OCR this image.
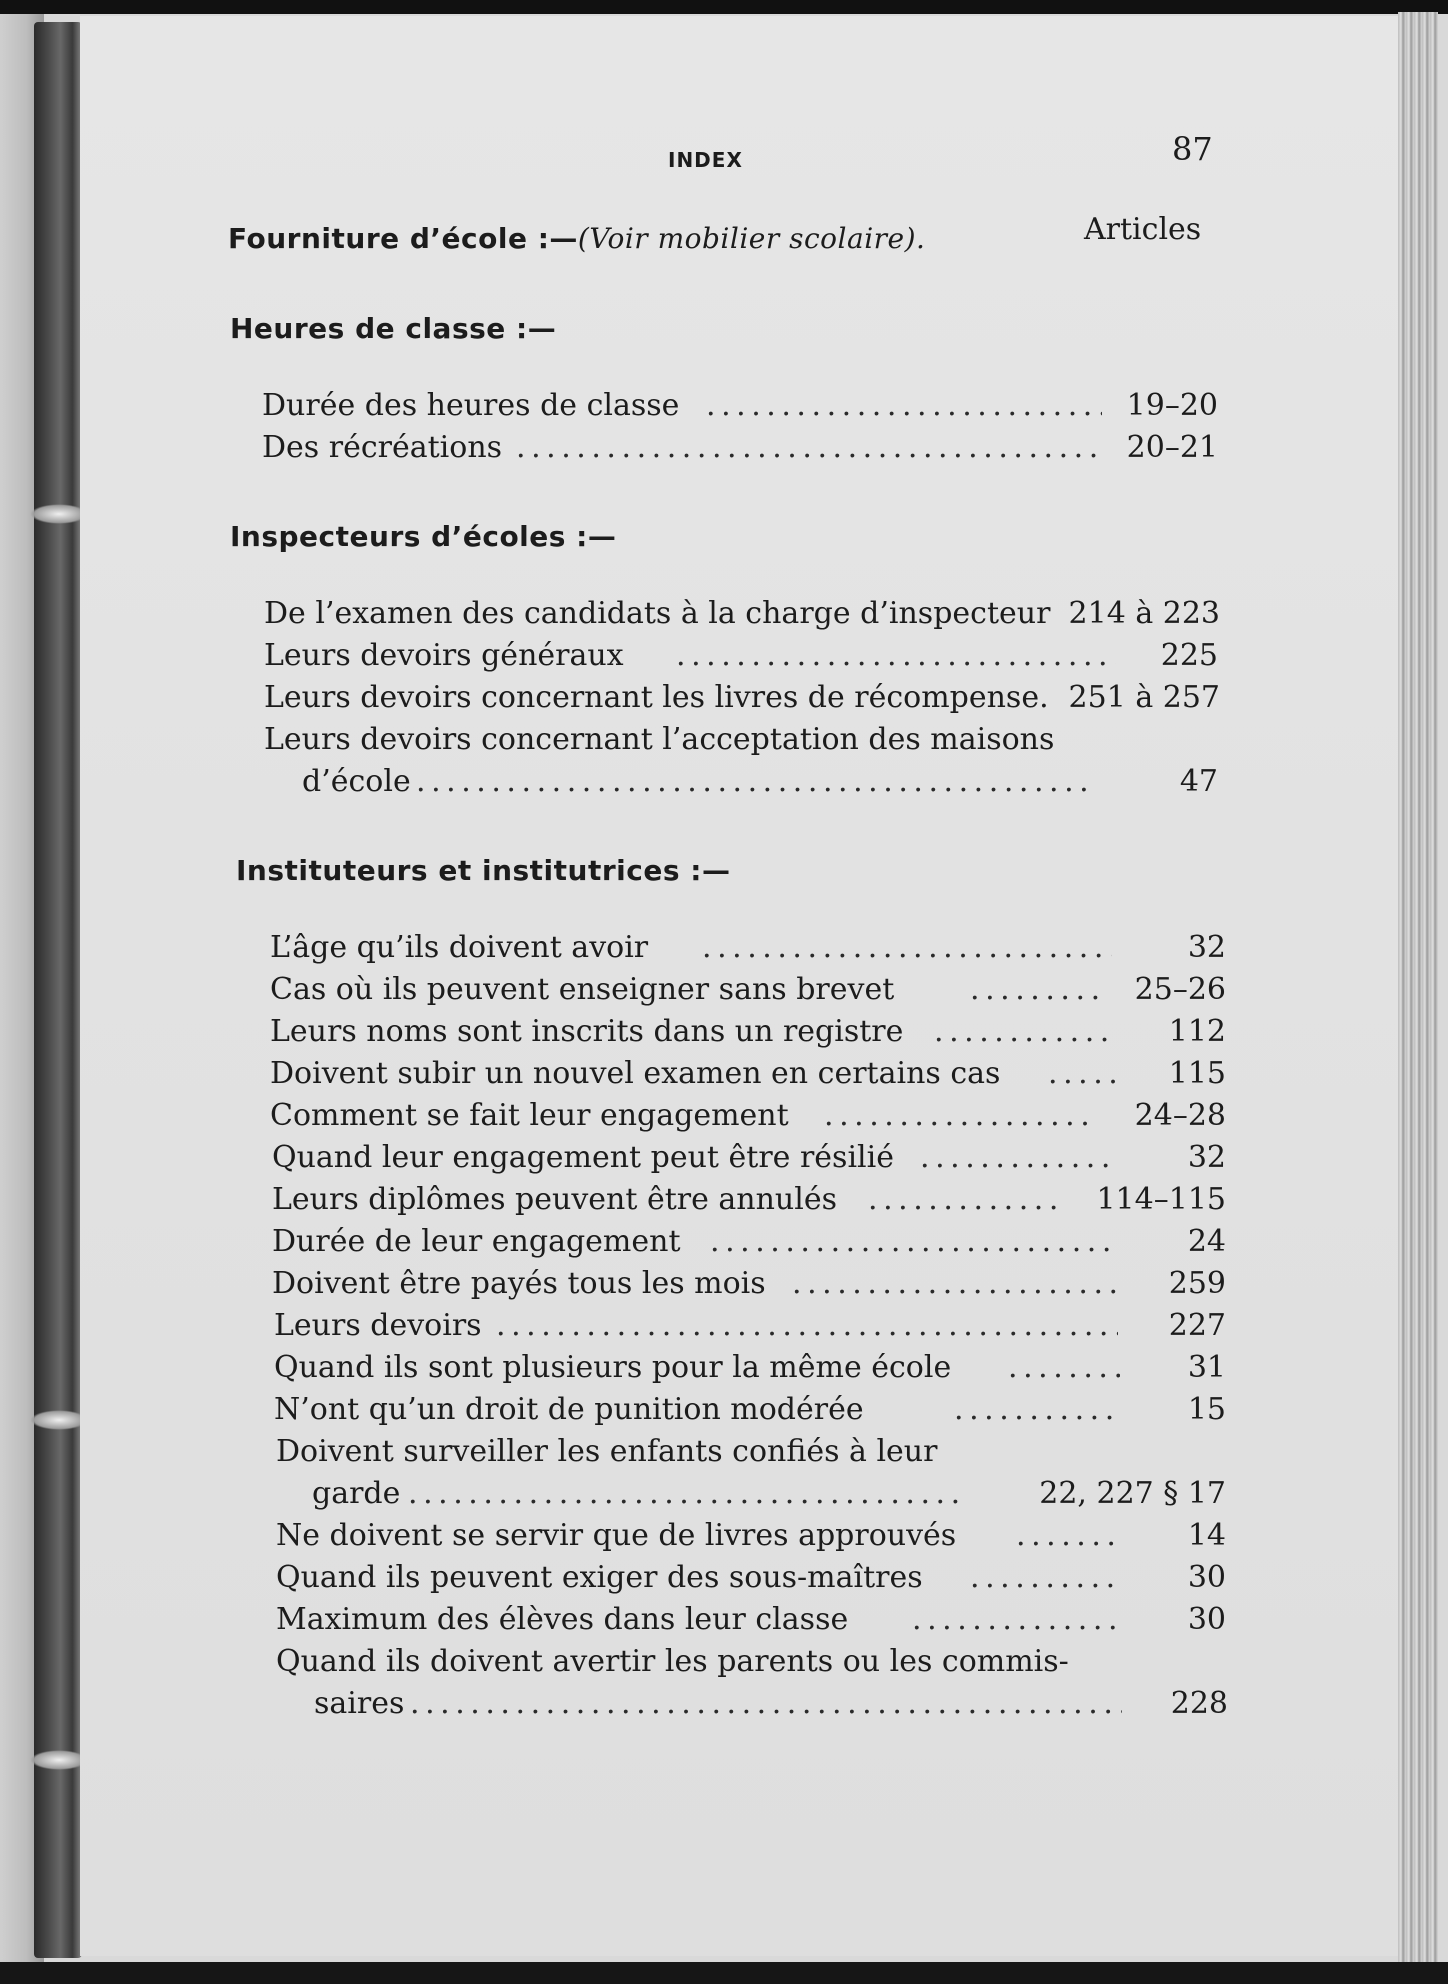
INDEX	87
Fourniture d’école :—(Voir mobilier scolaire).	Articles
Heures de classe :—
Durée des heures de classe . . .	19–20
Des récréations . . .	20–21
Inspecteurs d’écoles :—
De l’examen des candidats à la charge d’inspecteur 214 à 223
Leurs devoirs généraux . . .	225
Leurs devoirs concernant les livres de récompense. 251 à 257
Leurs devoirs concernant l’acceptation des maisons
d’école . . .	47
Instituteurs et institutrices :—
L’âge qu’ils doivent avoir . . .	32
Cas où ils peuvent enseigner sans brevet . . .	25–26
Leurs noms sont inscrits dans un registre . . .	112
Doivent subir un nouvel examen en certains cas . . .	115
Comment se fait leur engagement . . .	24–28
Quand leur engagement peut être résilié . . .	32
Leurs diplômes peuvent être annulés . . .	114–115
Durée de leur engagement . . .	24
Doivent être payés tous les mois . . .	259
Leurs devoirs . . .	227
Quand ils sont plusieurs pour la même école . . .	31
N’ont qu’un droit de punition modérée . . .	15
Doivent surveiller les enfants confiés à leur
garde . . .	22, 227 § 17
Ne doivent se servir que de livres approuvés . . .	14
Quand ils peuvent exiger des sous-maîtres . . .	30
Maximum des élèves dans leur classe . . .	30
Quand ils doivent avertir les parents ou les commis-
saires . . .	228
